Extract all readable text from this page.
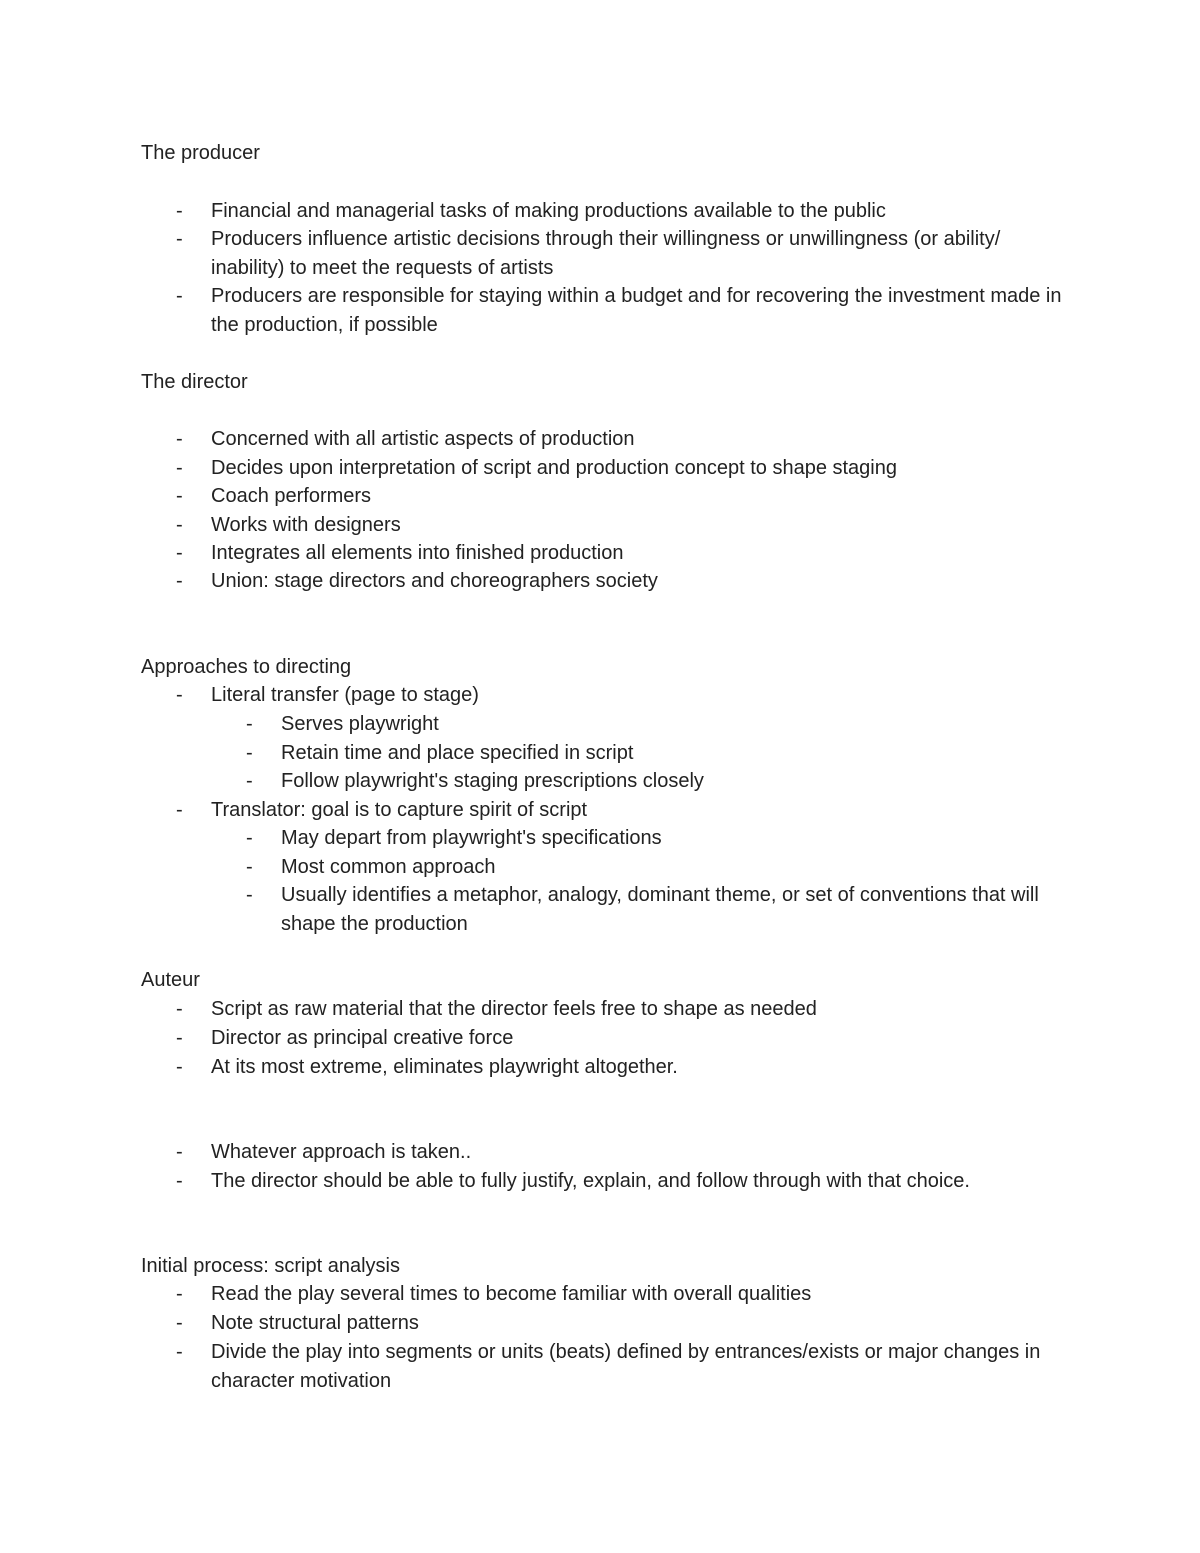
The producer
- Financial and managerial tasks of making productions available to the public
- Producers influence artistic decisions through their willingness or unwillingness (or ability/ inability) to meet the requests of artists
- Producers are responsible for staying within a budget and for recovering the investment made in the production, if possible
The director
- Concerned with all artistic aspects of production
- Decides upon interpretation of script and production concept to shape staging
- Coach performers
- Works with designers
- Integrates all elements into finished production
- Union: stage directors and choreographers society
Approaches to directing
- Literal transfer (page to stage)
- Serves playwright
- Retain time and place specified in script
- Follow playwright's staging prescriptions closely
- Translator: goal is to capture spirit of script
- May depart from playwright's specifications
- Most common approach
- Usually identifies a metaphor, analogy, dominant theme, or set of conventions that will shape the production
Auteur
- Script as raw material that the director feels free to shape as needed
- Director as principal creative force
- At its most extreme, eliminates playwright altogether.
- Whatever approach is taken..
- The director should be able to fully justify, explain, and follow through with that choice.
Initial process: script analysis
- Read the play several times to become familiar with overall qualities
- Note structural patterns
- Divide the play into segments or units (beats) defined by entrances/exists or major changes in character motivation
